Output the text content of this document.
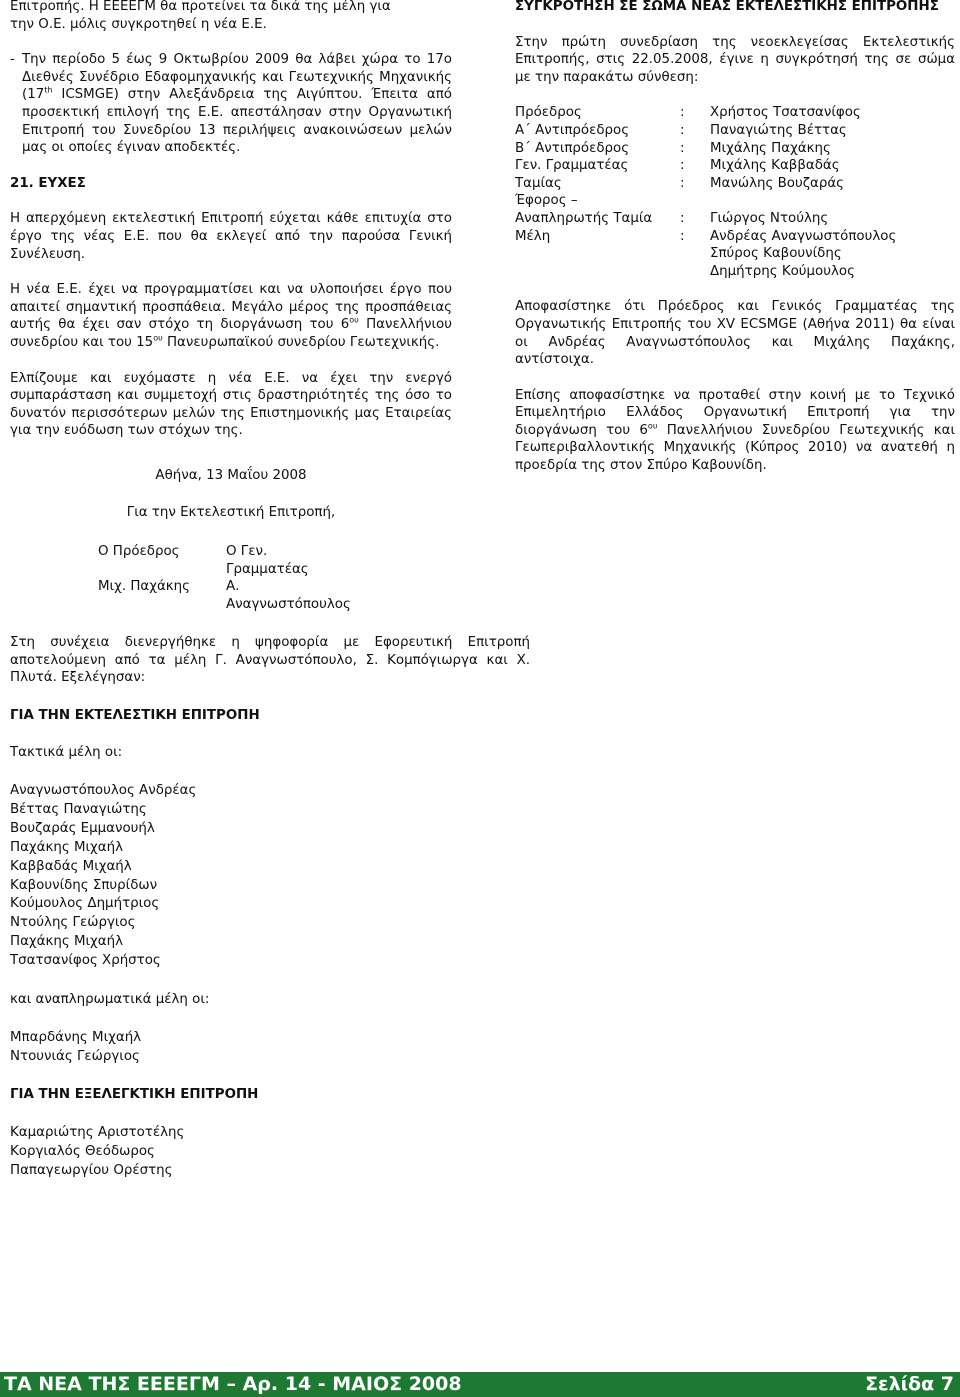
Επιτροπής. Η ΕΕΕΕΓΜ θα προτείνει τα δικά της μέλη για

την Ο.Ε. μόλις συγκροτηθεί η νέα Ε.Ε.

- Την περίοδο 5 έως 9 Οκτωβρίου 2009 θα λάβει χώρα το 17ο Διεθνές Συνέδριο Εδαφομηχανικής και Γεωτεχνικής Μηχανικής (17th ICSMGE) στην Αλεξάνδρεια της Αιγύπτου. Έπειτα από προσεκτική επιλογή της Ε.Ε. απεστάλησαν στην Οργανωτική Επιτροπή του Συνεδρίου 13 περιλήψεις ανακοινώσεων μελών μας οι οποίες έγιναν αποδεκτές.

21. ΕΥΧΕΣ

Η απερχόμενη εκτελεστική Επιτροπή εύχεται κάθε επιτυχία στο έργο της νέας Ε.Ε. που θα εκλεγεί από την παρούσα Γενική Συνέλευση.

Η νέα Ε.Ε. έχει να προγραμματίσει και να υλοποιήσει έργο που απαιτεί σημαντική προσπάθεια. Μεγάλο μέρος της προσπάθειας αυτής θα έχει σαν στόχο τη διοργάνωση του $6^{o\upsilon}$ Πανελλήνιου συνεδρίου και του $15^{o\upsilon}$ Πανευρωπαϊκού συνεδρίου Γεωτεχνικής.

Ελπίζουμε και ευχόμαστε η νέα Ε.Ε. να έχει την ενεργό συμπαράσταση και συμμετοχή στις δραστηριότητές της όσο το δυνατόν περισσότερων μελών της Επιστημονικής μας Εταιρείας για την ευόδωση των στόχων της.

Αθήνα, 13 Μαΐου 2008

Για την Εκτελεστική Επιτροπή,

Ο Πρόεδρος	Ο Γεν. Γραμματέας
Μιχ. Παχάκης	Α. Αναγνωστόπουλος

ΣΥΓΚΡΟΤΗΣΗ ΣΕ ΣΩΜΑ ΝΕΑΣ ΕΚΤΕΛΕΣΤΙΚΗΣ ΕΠΙΤΡΟΠΗΣ

Στην πρώτη συνεδρίαση της νεοεκλεγείσας Εκτελεστικής Επιτροπής, στις 22.05.2008, έγινε η συγκρότησή της σε σώμα με την παρακάτω σύνθεση:

Πρόεδρος	:	Χρήστος Τσατσανίφος
Α΄ Αντιπρόεδρος	:	Παναγιώτης Βέττας
Β΄ Αντιπρόεδρος	:	Μιχάλης Παχάκης
Γεν. Γραμματέας	:	Μιχάλης Καββαδάς
Ταμίας	:	Μανώλης Βουζαράς
Έφορος –
Αναπληρωτής Ταμία	:	Γιώργος Ντούλης
Μέλη	:	Ανδρέας Αναγνωστόπουλος
Σπύρος Καβουνίδης
Δημήτρης Κούμουλος

Αποφασίστηκε ότι Πρόεδρος και Γενικός Γραμματέας της Οργανωτικής Επιτροπής του XV ECSMGE (Αθήνα 2011) θα είναι οι Ανδρέας Αναγνωστόπουλος και Μιχάλης Παχάκης, αντίστοιχα.

Επίσης αποφασίστηκε να προταθεί στην κοινή με το Τεχνικό Επιμελητήριο Ελλάδος Οργανωτική Επιτροπή για την διοργάνωση του $6^{o\upsilon}$ Πανελλήνιου Συνεδρίου Γεωτεχνικής και Γεωπεριβαλλοντικής Μηχανικής (Κύπρος 2010) να ανατεθή η προεδρία της στον Σπύρο Καβουνίδη.

Στη συνέχεια διενεργήθηκε η ψηφοφορία με Εφορευτική Επιτροπή αποτελούμενη από τα μέλη Γ. Αναγνωστόπουλο, Σ. Κομπόγιωργα και Χ. Πλυτά. Εξελέγησαν:

ΓΙΑ ΤΗΝ ΕΚΤΕΛΕΣΤΙΚΗ ΕΠΙΤΡΟΠΗ

Τακτικά μέλη οι:

Αναγνωστόπουλος Ανδρέας
Βέττας Παναγιώτης
Βουζαράς Εμμανουήλ
Παχάκης Μιχαήλ
Καββαδάς Μιχαήλ
Καβουνίδης Σπυρίδων
Κούμουλος Δημήτριος
Ντούλης Γεώργιος
Παχάκης Μιχαήλ
Τσατσανίφος Χρήστος

και αναπληρωματικά μέλη οι:

Μπαρδάνης Μιχαήλ
Ντουνιάς Γεώργιος

ΓΙΑ ΤΗΝ ΕΞΕΛΕΓΚΤΙΚΗ ΕΠΙΤΡΟΠΗ

Καμαριώτης Αριστοτέλης
Κοργιαλός Θεόδωρος
Παπαγεωργίου Ορέστης
ΤΑ ΝΕΑ ΤΗΣ ΕΕΕΕΓΜ – Αρ. 14 - ΜΑΙΟΣ 2008	Σελίδα 7
